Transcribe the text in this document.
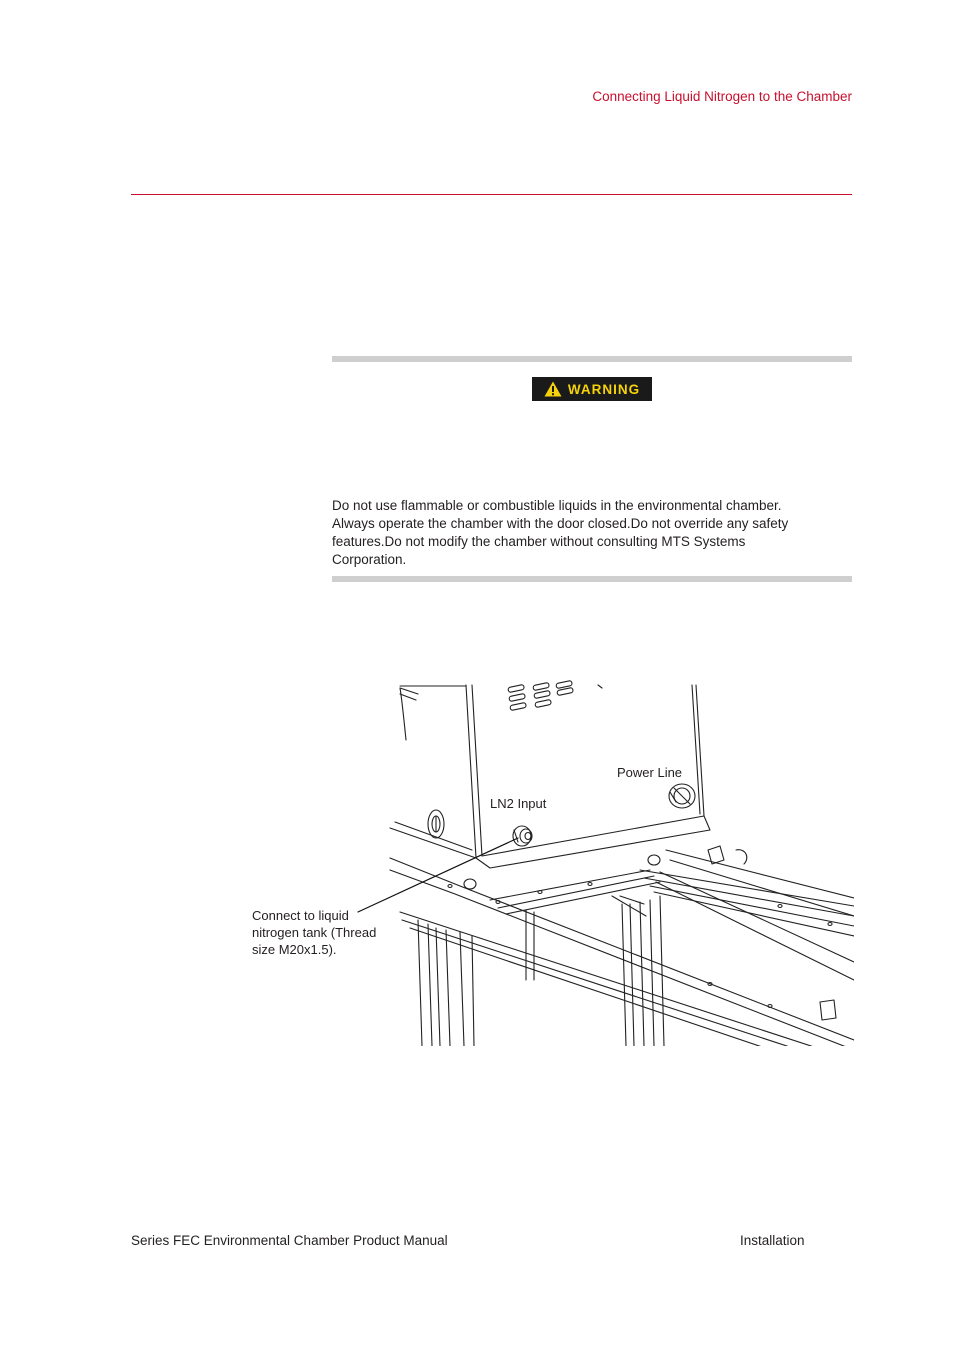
Connecting Liquid Nitrogen to the Chamber
WARNING
Do not use flammable or combustible liquids in the environmental chamber.
Always operate the chamber with the door closed.Do not override any safety
features.Do not modify the chamber without consulting MTS Systems
Corporation.
Power Line
LN2 Input
Connect to liquid
nitrogen tank (Thread
size M20x1.5).
Series FEC Environmental Chamber Product Manual	Installation
